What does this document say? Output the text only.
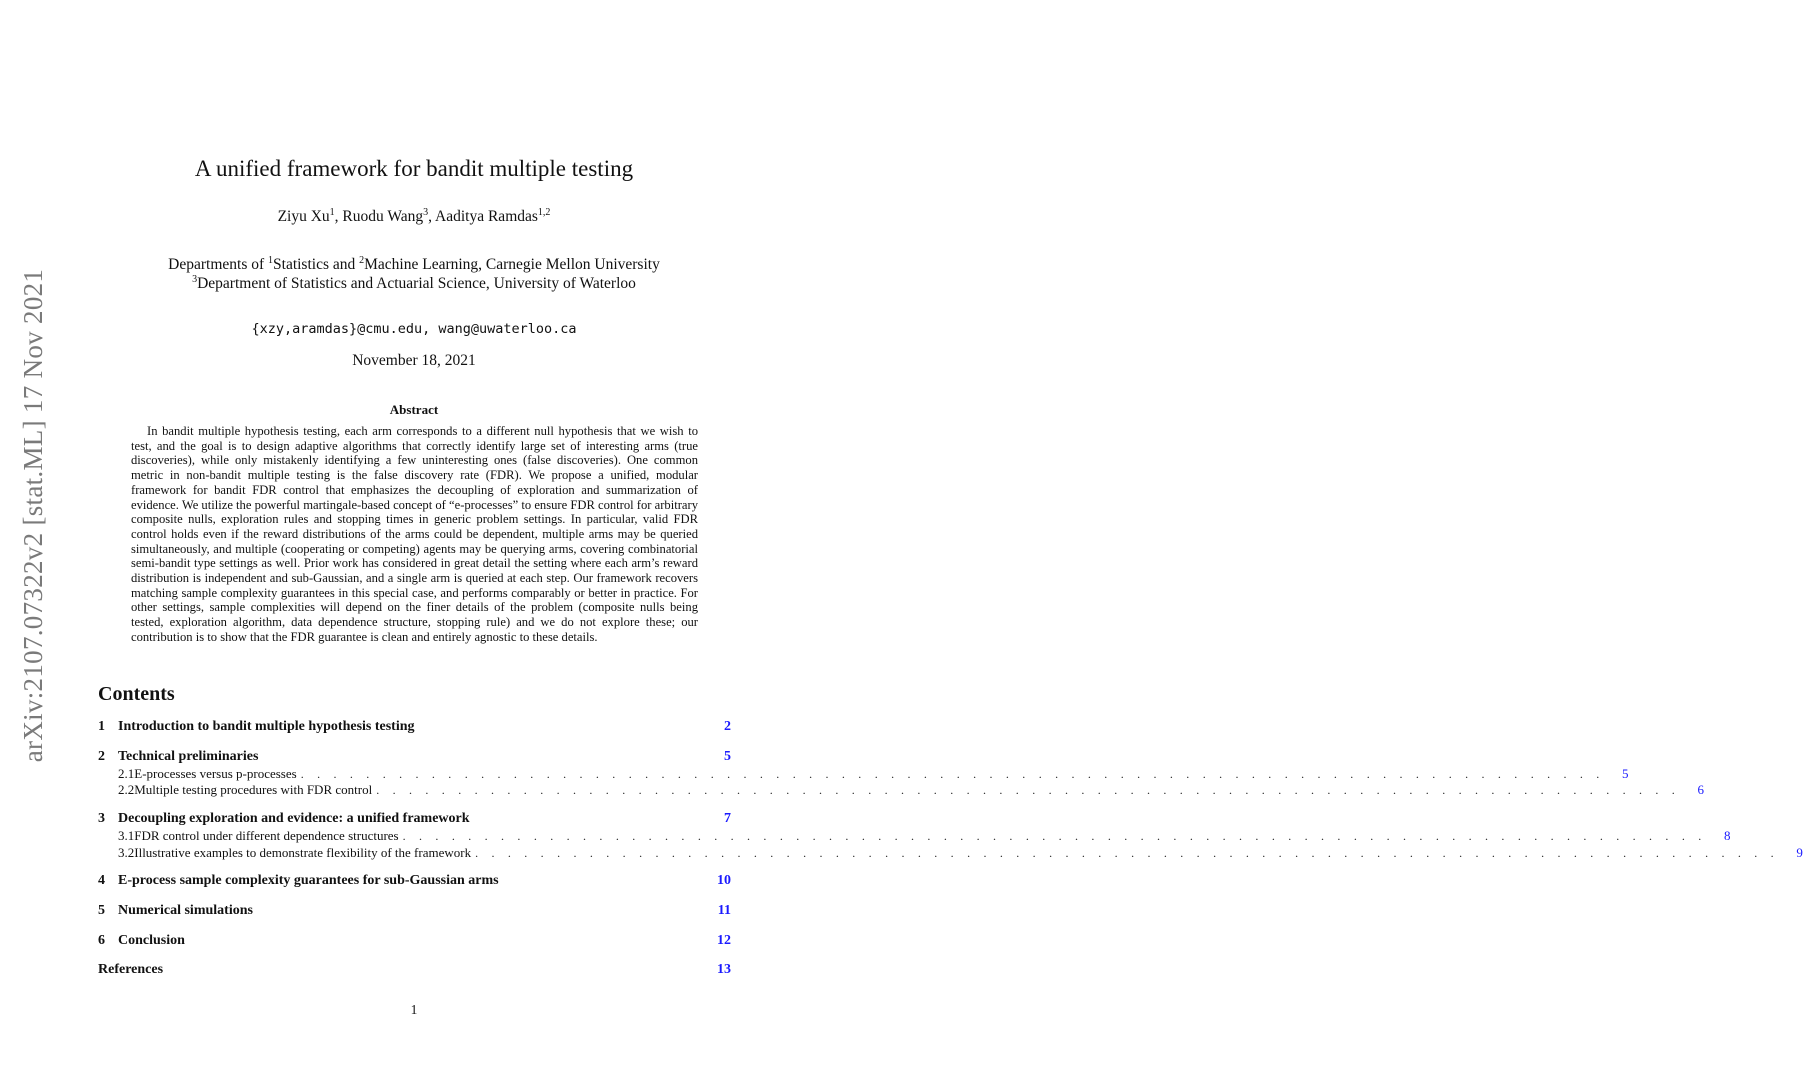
arXiv:2107.07322v2 [stat.ML] 17 Nov 2021
A unified framework for bandit multiple testing
Ziyu Xu$^1$, Ruodu Wang$^3$, Aaditya Ramdas$^{1,2}$
Departments of $^1$Statistics and $^2$Machine Learning, Carnegie Mellon University
$^3$Department of Statistics and Actuarial Science, University of Waterloo
{xzy,aramdas}@cmu.edu, wang@uwaterloo.ca
November 18, 2021
Abstract

In bandit multiple hypothesis testing, each arm corresponds to a different null hypothesis that we wish to test, and the goal is to design adaptive algorithms that correctly identify large set of interesting arms (true discoveries), while only mistakenly identifying a few uninteresting ones (false discoveries). One common metric in non-bandit multiple testing is the false discovery rate (FDR). We propose a unified, modular framework for bandit FDR control that emphasizes the decoupling of exploration and summarization of evidence. We utilize the powerful martingale-based concept of “e-processes” to ensure FDR control for arbitrary composite nulls, exploration rules and stopping times in generic problem settings. In particular, valid FDR control holds even if the reward distributions of the arms could be dependent, multiple arms may be queried simultaneously, and multiple (cooperating or competing) agents may be querying arms, covering combinatorial semi-bandit type settings as well. Prior work has considered in great detail the setting where each arm’s reward distribution is independent and sub-Gaussian, and a single arm is queried at each step. Our framework recovers matching sample complexity guarantees in this special case, and performs comparably or better in practice. For other settings, sample complexities will depend on the finer details of the problem (composite nulls being tested, exploration algorithm, data dependence structure, stopping rule) and we do not explore these; our contribution is to show that the FDR guarantee is clean and entirely agnostic to these details.

Contents
1 Introduction to bandit multiple hypothesis testing	2
2 Technical preliminaries	5
2.1 E-processes versus p-processes . . . . . . . . . . . . . . . . . . . . . . . . . . . . . . . . . . . . . . . . . . . . . . . . . . . . . . . . . . . . . . . . . . . . . . . . . . . . . . . .	5
2.2 Multiple testing procedures with FDR control . . . . . . . . . . . . . . . . . . . . . . . . . . . . . . . . . . . . . . . . . . . . . . . . . . . . . . . . . . . . . . . . . . . . . . . . . . . . . . . .	6
3 Decoupling exploration and evidence: a unified framework	7
3.1 FDR control under different dependence structures . . . . . . . . . . . . . . . . . . . . . . . . . . . . . . . . . . . . . . . . . . . . . . . . . . . . . . . . . . . . . . . . . . . . . . . . . . . . . . . .	8
3.2 Illustrative examples to demonstrate flexibility of the framework . . . . . . . . . . . . . . . . . . . . . . . . . . . . . . . . . . . . . . . . . . . . . . . . . . . . . . . . . . . . . . . . . . . . . . . . . . . . . . . .	9
4 E-process sample complexity guarantees for sub-Gaussian arms	10
5 Numerical simulations	11
6 Conclusion	12
References	13
1
